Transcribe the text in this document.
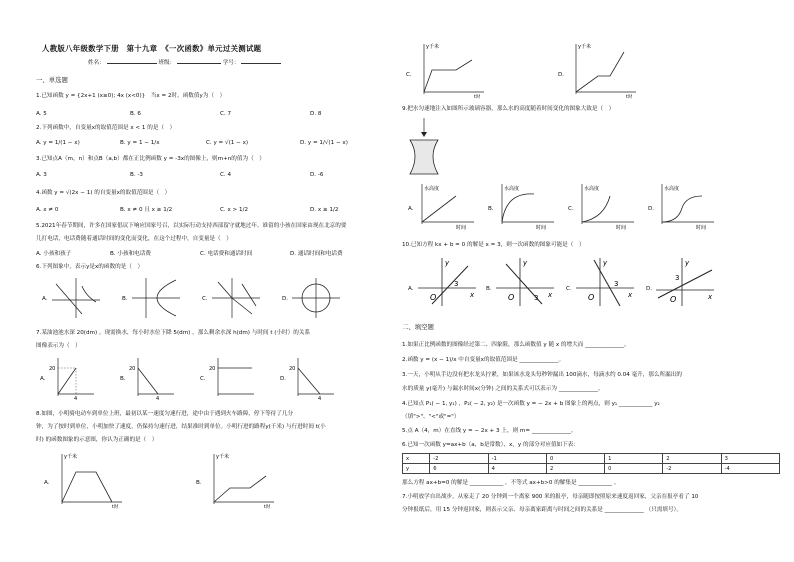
人教版八年级数学下册　第十九章　《一次函数》单元过关测试题
姓名：	班级：	学号：
一、单选题
1.已知函数 y = {2x+1 (x≥0); 4x (x<0)}　当x = 2时，函数值y为（　）
A. 5	B. 6	C. 7	D. 8
2.下列函数中，自变量x的取值范围是 x < 1 的是（　）
A. y = 1/(1 − x)	B. y = 1 − 1/x	C. y = √(1 − x)	D. y = 1/√(1 − x)
3.已知点A（m，n）和点B（a,b）都在正比例函数 y = -3x的图像上，则m+n的值为（　）
A. 3	B. -3	C. 4	D. -6
4.函数 y = √(2x − 1) 的自变量x的取值范围是（　）
A. x ≠ 0	B. x ≠ 0 且 x ≥ 1/2	C. x > 1/2	D. x ≥ 1/2
5.2021年春节期间，许多在国家倡议下响应国家号召，以实际行动支持西部留守就地过年。谁留的小孩在国家由现在北京的要
儿打电话，电话费随着通话时间的变化而变化，在这个过程中，自变量是（　）
A. 小孩和孩子	B. 小孩和电话费	C. 电话费和通话时间	D. 通话时间和电话费
6.下列图象中，表示y是x的函数的是（　）
A.	B.	C.	D.
7.某油池池水深 20(dm) ，现需换水，每小时水位下降 5(dm) ，那么剩余水深 h(dm) 与时间 t (小时）的关系
图像表示为（　）
A.
20
4
B.
20
4
C.
20
D.
20
4
8.如图，小明骑电动车到单位上班，最初以某一速度匀速行进，途中由于遇到火车路障，停下等待了几分
钟，为了按时到单位，小明加快了速度，仍保持匀速行进，结果准时到单位。小明行进的路程y(千米) 与行进时间 t(小
时) 的函数图象的示意图，你认为正确的是（　）
A.
y千米
t时
B.
y千米
t时
C.
y千米
t时
D.
y千米
t时
9.把水匀速地注入如图所示玻璃容器，那么水的高度随着时间变化的图象大致是（　）
A.
水高度
时间
B.
水高度
时间
C.
水高度
时间
D.
水高度
时间
10.已知方程 kx + b = 0 的解是 x = 3，则一次函数的图象可能是（　）
A.
O
3
x
y
B.
O	3 x
y
C.
O
3
x
y
D.
O
3
x
y
二、填空题
1.如果正比例函数的图像经过第二、四象限，那么函数值 y 随 x 的增大而 ______________。
2.函数 y = (x − 1)/x 中自变量x的取值范围是 ______________。
3.一天，小明从手边没有把水龙头拧紧，如果该水龙头每秒钟漏出 100滴水，每滴水约 0.04 毫升，那么所漏出的
水的质量 y(毫升) 与漏水时间x(分钟) 之间的关系式可以表示为 ______________。
4.已知点 P₁( − 1, y₁) ，P₂( − 2, y₂) 是一次函数 y = − 2x + b 图象上的两点，则 y₁ ____________ y₂
（填">"、"<"或"="）
5.点 A（4，m）在直线 y = − 2x + 3 上，则 m= ______________。
6.已知一次函数 y=ax+b（a，b是常数），x，y 的部分对应值如下表：
x	-2	-1	0	1	2	3
y	6	4	2	0	-2	-4
那么方程 ax+b=0 的解是 ____________ ，不等式 ax+b>0 的解集是 ____________ 。
7.小明放学自出战步，从家走了 20 分钟到一个离家 900 米的报亭，母亲随即按照原来速度返回家，父亲在报亭看了 10
分钟报纸后，用 15 分钟返回家，则表示父亲、母亲离家距离与时间之间的关系是 ______________ （只需填号）。
